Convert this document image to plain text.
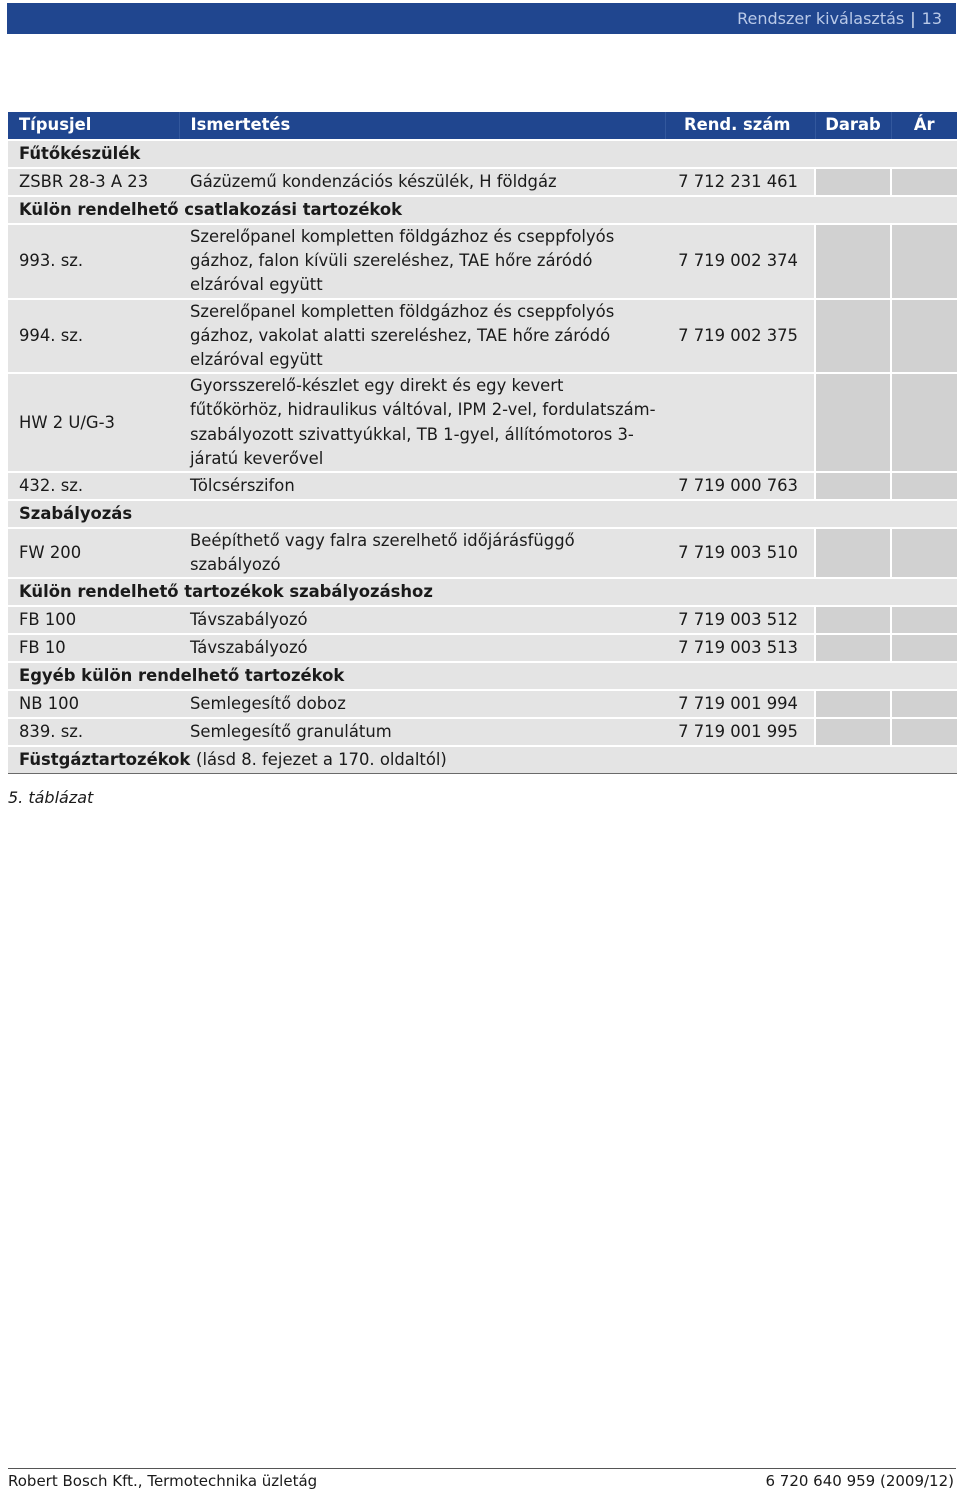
Rendszer kiválasztás | 13
Típusjel	Ismertetés	Rend. szám	Darab	Ár
Fűtőkészülék				
ZSBR 28-3 A 23	Gázüzemű kondenzációs készülék, H földgáz	7 712 231 461		
Külön rendelhető csatlakozási tartozékok				
993. sz.	Szerelőpanel kompletten földgázhoz és cseppfolyós gázhoz, falon kívüli szereléshez, TAE hőre záródó elzáróval együtt	7 719 002 374		
994. sz.	Szerelőpanel kompletten földgázhoz és cseppfolyós gázhoz, vakolat alatti szereléshez, TAE hőre záródó elzáróval együtt	7 719 002 375		
HW 2 U/G-3	Gyorsszerelő-készlet egy direkt és egy kevert fűtőkörhöz, hidraulikus váltóval, IPM 2-vel, fordulatszám-szabályozott szivattyúkkal, TB 1-gyel, állítómotoros 3-járatú keverővel			
432. sz.	Tölcsérszifon	7 719 000 763		
Szabályozás				
FW 200	Beépíthető vagy falra szerelhető időjárásfüggő szabályozó	7 719 003 510		
Külön rendelhető tartozékok szabályozáshoz				
FB 100	Távszabályozó	7 719 003 512		
FB 10	Távszabályozó	7 719 003 513		
Egyéb külön rendelhető tartozékok				
NB 100	Semlegesítő doboz	7 719 001 994		
839. sz.	Semlegesítő granulátum	7 719 001 995		
Füstgáztartozékok (lásd 8. fejezet a 170. oldaltól)				
5. táblázat
Robert Bosch Kft., Termotechnika üzletág	6 720 640 959 (2009/12)
